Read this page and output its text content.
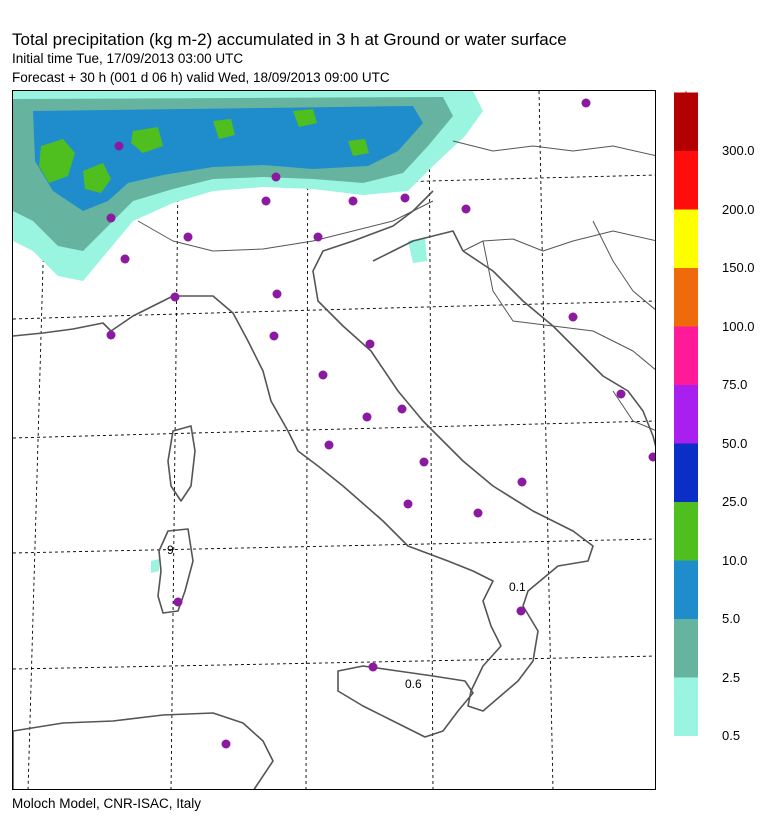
Total precipitation (kg m-2) accumulated in 3 h at Ground or water surface
Initial time Tue, 17/09/2013 03:00 UTC
Forecast + 30 h (001 d 06 h) valid Wed, 18/09/2013 09:00 UTC
0.1
0.6
9
0.5
2.5
5.0
10.0
25.0
50.0
75.0
100.0
150.0
200.0
300.0
Moloch Model, CNR-ISAC, Italy
